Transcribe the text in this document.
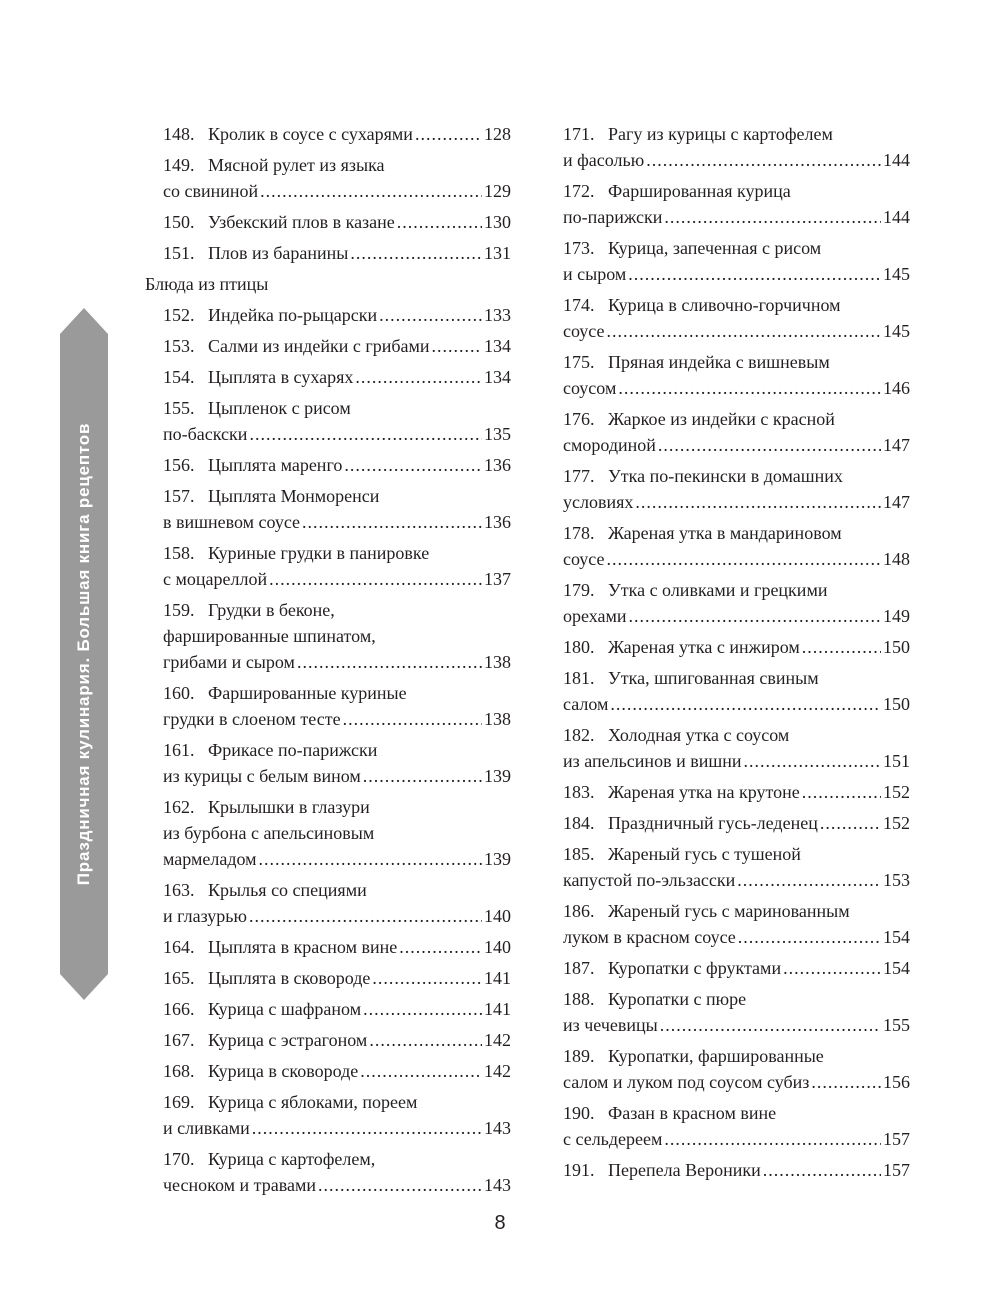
Праздничная кулинария. Большая книга рецептов
148. Кролик в соусе с сухарями .....	128
149. Мясной рулет из языка
со свининой .....	129
150. Узбекский плов в казане .....	130
151. Плов из баранины .....	131
Блюда из птицы
152. Индейка по-рыцарски .....	133
153. Салми из индейки с грибами .....	134
154. Цыплята в сухарях .....	134
155. Цыпленок с рисом
по-баскски .....	135
156. Цыплята маренго .....	136
157. Цыплята Монморенси
в вишневом соусе .....	136
158. Куриные грудки в панировке
с моцареллой .....	137
159. Грудки в беконе,
фаршированные шпинатом,
грибами и сыром .....	138
160. Фаршированные куриные
грудки в слоеном тесте .....	138
161. Фрикасе по-парижски
из курицы с белым вином .....	139
162. Крылышки в глазури
из бурбона с апельсиновым
мармеладом .....	139
163. Крылья со специями
и глазурью .....	140
164. Цыплята в красном вине .....	140
165. Цыплята в сковороде .....	141
166. Курица с шафраном .....	141
167. Курица с эстрагоном .....	142
168. Курица в сковороде .....	142
169. Курица с яблоками, пореем
и сливками .....	143
170. Курица с картофелем,
чесноком и травами .....	143
171. Рагу из курицы с картофелем
и фасолью .....	144
172. Фаршированная курица
по-парижски .....	144
173. Курица, запеченная с рисом
и сыром .....	145
174. Курица в сливочно-горчичном
соусе .....	145
175. Пряная индейка с вишневым
соусом .....	146
176. Жаркое из индейки с красной
смородиной .....	147
177. Утка по-пекински в домашних
условиях .....	147
178. Жареная утка в мандариновом
соусе .....	148
179. Утка с оливками и грецкими
орехами .....	149
180. Жареная утка с инжиром .....	150
181. Утка, шпигованная свиным
салом .....	150
182. Холодная утка с соусом
из апельсинов и вишни .....	151
183. Жареная утка на крутоне .....	152
184. Праздничный гусь-леденец .....	152
185. Жареный гусь с тушеной
капустой по-эльзасски .....	153
186. Жареный гусь с маринованным
луком в красном соусе .....	154
187. Куропатки с фруктами .....	154
188. Куропатки с пюре
из чечевицы .....	155
189. Куропатки, фаршированные
салом и луком под соусом субиз .....	156
190. Фазан в красном вине
с сельдереем .....	157
191. Перепела Вероники .....	157
8
